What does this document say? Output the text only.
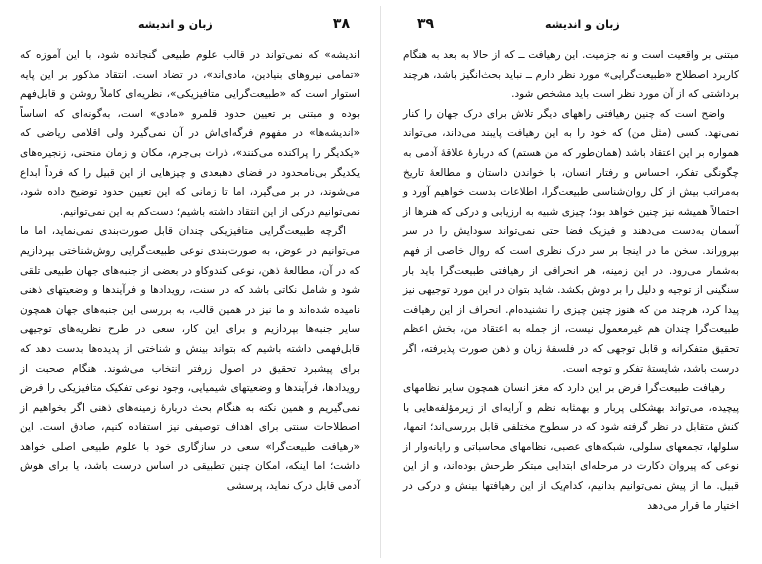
زبان و اندیشه	۳۸

اندیشه» که نمی‌تواند در قالب علوم طبیعی گنجانده شود، با این آموزه که «تمامی نیروهای بنیادین، مادی‌اند»، در تضاد است. انتقاد مذکور بر این پایه استوار است که «طبیعت‌گرایی متافیزیکی»، نظریه‌ای کاملاً روشن و قابل‌فهم بوده و مبتنی بر تعیین حدود قلمرو «مادی» است، به‌گونه‌ای که اساساً «اندیشه‌ها» در مفهوم فرگه‌ای‌اش در آن نمی‌گیرد ولی اقلامی ریاضی که «یکدیگر را پراکنده می‌کنند»، ذرات بی‌جرم، مکان و زمان منحنی، زنجیره‌های یکدیگر بی‌نامحدود در فضای دهبعدی و چیزهایی از این قبیل را که فرداً ابداع می‌شوند، در بر می‌گیرد، اما تا زمانی که این تعیین حدود توضیح داده شود، نمی‌توانیم درکی از این انتقاد داشته باشیم؛ دست‌کم به این نمی‌توانیم.

اگرچه طبیعت‌گرایی متافیزیکی چندان قابل صورت‌بندی نمی‌نماید، اما ما می‌توانیم در عوض، به صورت‌بندی نوعی طبیعت‌گرایی روش‌شناختی بپردازیم که در آن، مطالعهٔ ذهن، نوعی کندوکاو در بعضی از جنبه‌های جهان طبیعی تلقی شود و شامل نکاتی باشد که در سنت، رویدادها و فرآیندها و وضعیتهای ذهنی نامیده شده‌اند و ما نیز در همین قالب، به بررسی این جنبه‌های جهان همچون سایر جنبه‌ها بپردازیم و برای این کار، سعی در طرح نظریه‌های توجیهی قابل‌فهمی داشته باشیم که بتواند بینش و شناختی از پدیده‌ها بدست دهد که برای پیشبرد تحقیق در اصول زرفتر انتخاب می‌شوند. هنگام صحبت از رویدادها، فرآیندها و وضعیتهای شیمیایی، وجود نوعی تفکیک متافیزیکی را فرض نمی‌گیریم و همین نکته به هنگام بحث دربارهٔ زمینه‌های ذهنی اگر بخواهیم از اصطلاحات سنتی برای اهداف توصیفی نیز استفاده کنیم، صادق است. این «رهیافت طبیعت‌گرا» سعی در سازگاری خود با علوم طبیعی اصلی خواهد داشت؛ اما اینکه، امکان چنین تطبیقی در اساس درست باشد، یا برای هوش آدمی قابل درک نماید، پرسشی

زبان و اندیشه
۳۹

مبتنی بر واقعیت است و نه جزمیت. این رهیافت ــ که از حالا به بعد به هنگام کاربرد اصطلاح «طبیعت‌گرایی» مورد نظر دارم ــ نباید بحث‌انگیز باشد، هرچند برداشتی که از آن مورد نظر است باید مشخص شود.

واضح است که چنین رهیافتی راههای دیگر تلاش برای درک جهان را کنار نمی‌نهد. کسی (مثل من) که خود را به این رهیافت پایبند می‌داند، می‌تواند همواره بر این اعتقاد باشد (همان‌طور که من هستم) که دربارهٔ علاقهٔ آدمی به چگونگی تفکر، احساس و رفتار انسان، با خواندن داستان و مطالعهٔ تاریخ به‌مراتب بیش از کل روان‌شناسی طبیعت‌گرا، اطلاعات بدست خواهیم آورد و احتمالاً همیشه نیز چنین خواهد بود؛ چیزی شبیه به ارزیابی و درکی که هنرها از آسمان به‌دست می‌دهند و فیزیک فضا حتی نمی‌تواند سودایش را در سر بپروراند. سخن ما در اینجا بر سر درک نظری است که روال خاصی از فهم به‌شمار می‌رود. در این زمینه، هر انحرافی از رهیافتی طبیعت‌گرا باید بار سنگینی از توجیه و دلیل را بر دوش بکشد. شاید بتوان در این مورد توجیهی نیز پیدا کرد، هرچند من که هنوز چنین چیزی را نشنیده‌ام. انحراف از این رهیافت طبیعت‌گرا چندان هم غیرمعمول نیست، از جمله به اعتقاد من، بخش اعظم تحقیق متفکرانه و قابل توجهی که در فلسفهٔ زبان و ذهن صورت پذیرفته، اگر درست باشد، شایستهٔ تفکر و توجه است.

رهیافت طبیعت‌گرا فرض بر این دارد که مغز انسان همچون سایر نظامهای پیچیده، می‌تواند بهشکلی پربار و بهمثابه نظم و آرایه‌ای از زیرمؤلفه‌هایی با کنش متقابل در نظر گرفته شود که در سطوح مختلفی قابل بررسی‌اند؛ اتمها، سلولها، تجمعهای سلولی، شبکه‌های عصبی، نظامهای محاسباتی و رایانه‌وار از نوعی که پیروان دکارت در مرحله‌ای ابتدایی مبتکر طرحش بوده‌اند، و از این قبیل. ما از پیش نمی‌توانیم بدانیم، کدام‌یک از این رهیافتها بینش و درکی در اختیار ما قرار می‌دهد
